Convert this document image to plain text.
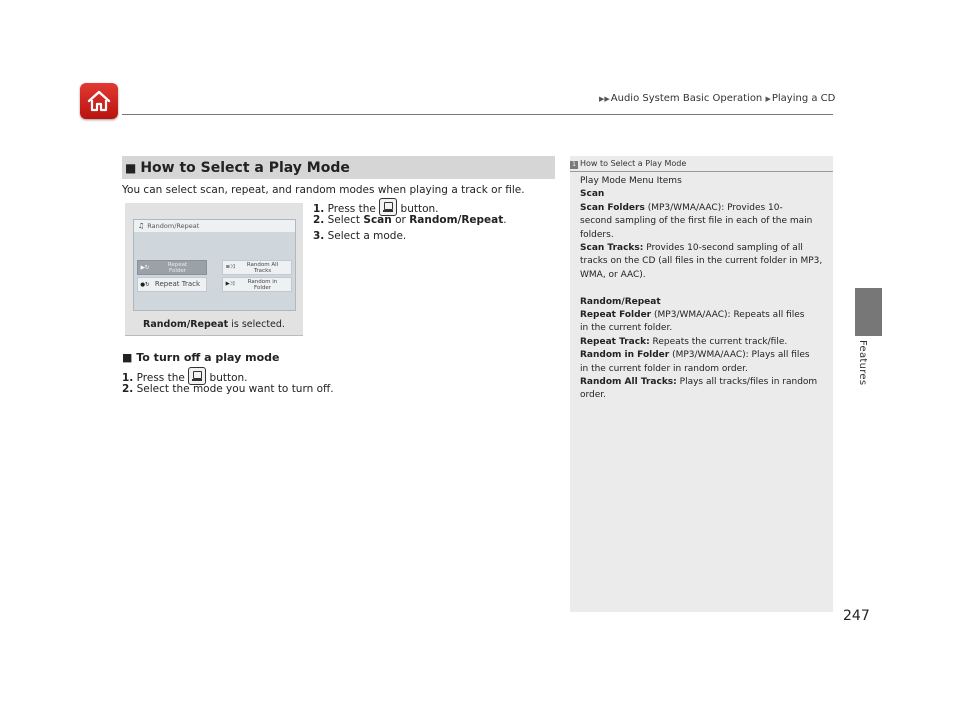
▶▶Audio System Basic Operation ▶Playing a CD
Features
247
■ How to Select a Play Mode
You can select scan, repeat, and random modes when playing a track or file.
1. Press the button.
2. Select Scan or Random/Repeat.
3. Select a mode.
♫ Random/Repeat
▶↻	Repeat
Folder
≡⤨	Random All
Tracks
●↻ Repeat Track	▶⤨	Random in
Folder
Random/Repeat is selected.
■ To turn off a play mode
1. Press the button.
2. Select the mode you want to turn off.
1 How to Select a Play Mode

Play Mode Menu Items

Scan

Scan Folders (MP3/WMA/AAC): Provides 10-

second sampling of the first file in each of the main

folders.

Scan Tracks: Provides 10-second sampling of all

tracks on the CD (all files in the current folder in MP3,

WMA, or AAC).

Random/Repeat

Repeat Folder (MP3/WMA/AAC): Repeats all files

in the current folder.

Repeat Track: Repeats the current track/file.

Random in Folder (MP3/WMA/AAC): Plays all files

in the current folder in random order.

Random All Tracks: Plays all tracks/files in random

order.
